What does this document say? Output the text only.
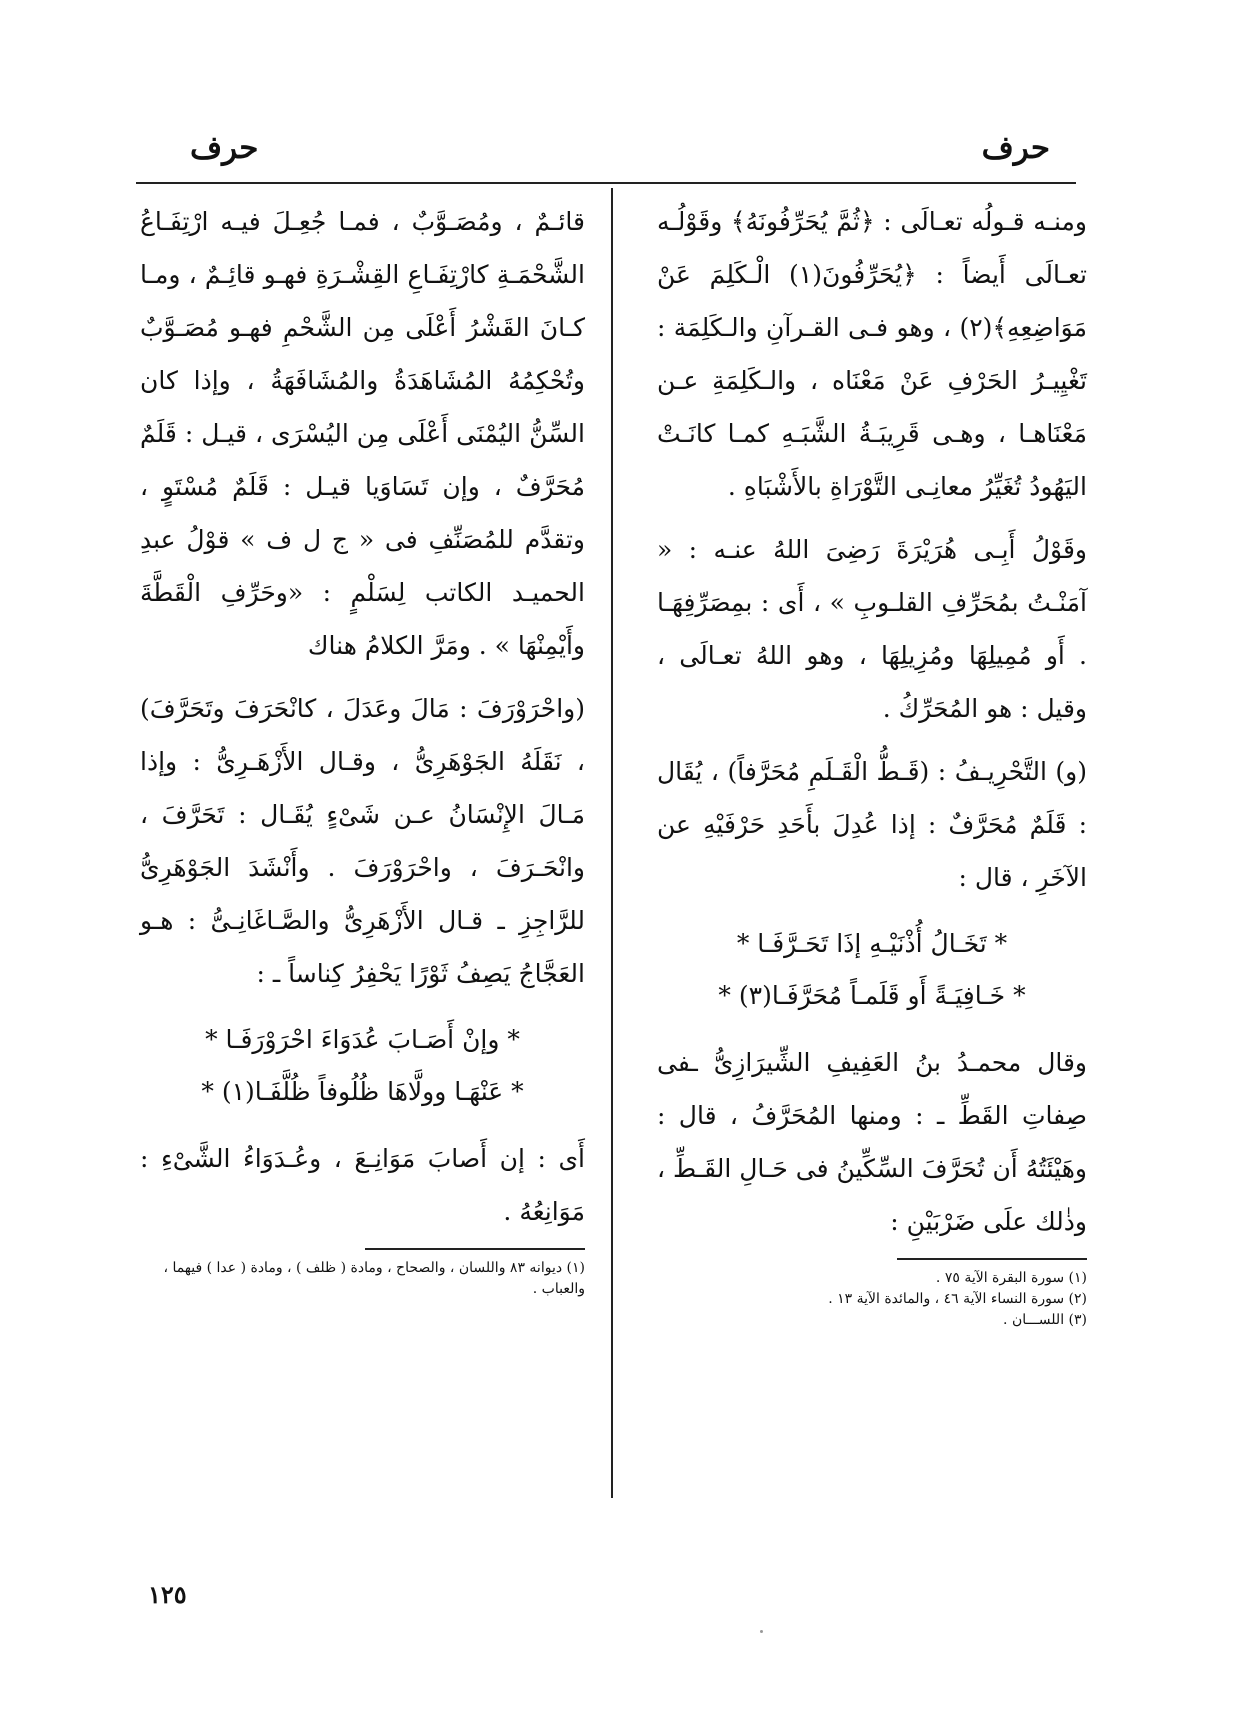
حرف
حرف

ومنـه قـولُه تعـالَى : ﴿ثُمَّ يُحَرِّفُونَهُ﴾ وقَوْلُـه تعـالَى أَيضاً : ﴿يُحَرِّفُونَ(١) الْـكَلِمَ عَنْ مَوَاضِعِهِ﴾(٢) ، وهو فـى القـرآنِ والـكَلِمَة : تَغْيِيـرُ الحَرْفِ عَنْ مَعْنَاه ، والـكَلِمَةِ عـن مَعْنَاهـا ، وهـى قَرِيبَـةُ الشَّبَـهِ كمـا كانَـتْ اليَهُودُ تُغَيِّرُ معانِـى التَّوْرَاةِ بالأَشْبَاهِ .

وقَوْلُ أَبِـى هُرَيْرَةَ رَضِىَ اللهُ عنـه : « آمَنْـتُ بمُحَرِّفِ القلـوبِ » ، أَى : بمِصَرِّفِهَـا . أَو مُمِيلِهَا ومُزِيلِهَا ، وهو اللهُ تعـالَى ، وقيل : هو المُحَرِّكُ .

(و) التَّحْرِيـفُ : (قَـطُّ الْقَـلَمِ مُحَرَّفاً) ، يُقَال : قَلَمٌ مُحَرَّفٌ : إذا عُدِلَ بأَحَدِ حَرْفَيْهِ عن الآخَرِ ، قال :

* تَخَـالُ أُذْنَيْـهِ إذَا تَحَـرَّفَـا *

* خَـافِيَـةً أَو قَلَمـاً مُحَرَّفَـا(٣) *

وقال محمـدُ بنُ العَفِيفِ الشِّيرَازِىُّ ـفى صِفاتِ القَطِّ ـ : ومنها المُحَرَّفُ ، قال : وهَيْئَتُهُ أَن تُحَرَّفَ السِّكِّينُ فى حَـالِ القَـطِّ ، وذٰلك علَى ضَرْبَيْنِ :

(١) سورة البقرة الآية ٧٥ .

(٢) سورة النساء الآية ٤٦ ، والمائدة الآية ١٣ .

(٣) اللســـان .

قائـمٌ ، ومُصَـوَّبٌ ، فمـا جُعِـلَ فيـه ارْتِفَـاعُ الشَّحْمَـةِ كارْتِفَـاعِ القِشْـرَةِ فهـو قائِـمٌ ، ومـا كـانَ القَشْرُ أَعْلَى مِن الشَّحْمِ فهـو مُصَـوَّبٌ وتُحْكِمُهُ المُشَاهَدَةُ والمُشَافَهَةُ ، وإذا كان السِّنُّ اليُمْنَى أَعْلَى مِن اليُسْرَى ، قيـل : قَلَمٌ مُحَرَّفٌ ، وإن تَسَاوَيا قيـل : قَلَمٌ مُسْتَوٍ ، وتقدَّم للمُصَنِّفِ فى « ج ل ف » قوْلُ عبدِ الحميـد الكاتب لِسَلْمٍ : «وحَرِّفِ الْقَطَّةَ وأَيْمِنْهَا » . ومَرَّ الكلامُ هناك

(واحْرَوْرَفَ : مَالَ وعَدَلَ ، كانْحَرَفَ وتَحَرَّفَ) ، نَقَلَهُ الجَوْهَرِىُّ ، وقـال الأَزْهَـرِىُّ : وإذا مَـالَ الإِنْسَانُ عـن شَىْءٍ يُقَـال : تَحَرَّفَ ، وانْحَـرَفَ ، واحْرَوْرَفَ . وأَنْشَدَ الجَوْهَرِىُّ للرَّاجِزِ ـ قـال الأَزْهَرِىُّ والصَّـاغَانِـىُّ : هـو العَجَّاجُ يَصِفُ ثَوْرًا يَحْفِرُ كِناساً ـ :

* وإنْ أَصَـابَ عُدَوَاءَ احْرَوْرَفَـا *

* عَنْهَـا وولَّاهَا ظُلُوفاً ظُلَّفَـا(١) *

أَى : إن أَصابَ مَوَانِـعَ ، وعُـدَوَاءُ الشَّىْءِ : مَوَانِعُهُ .

(١) ديوانه ٨٣ واللسان ، والصحاح ، ومادة ( ظلف ) ، ومادة ( عدا ) فيهما ، والعباب .

١٢٥
